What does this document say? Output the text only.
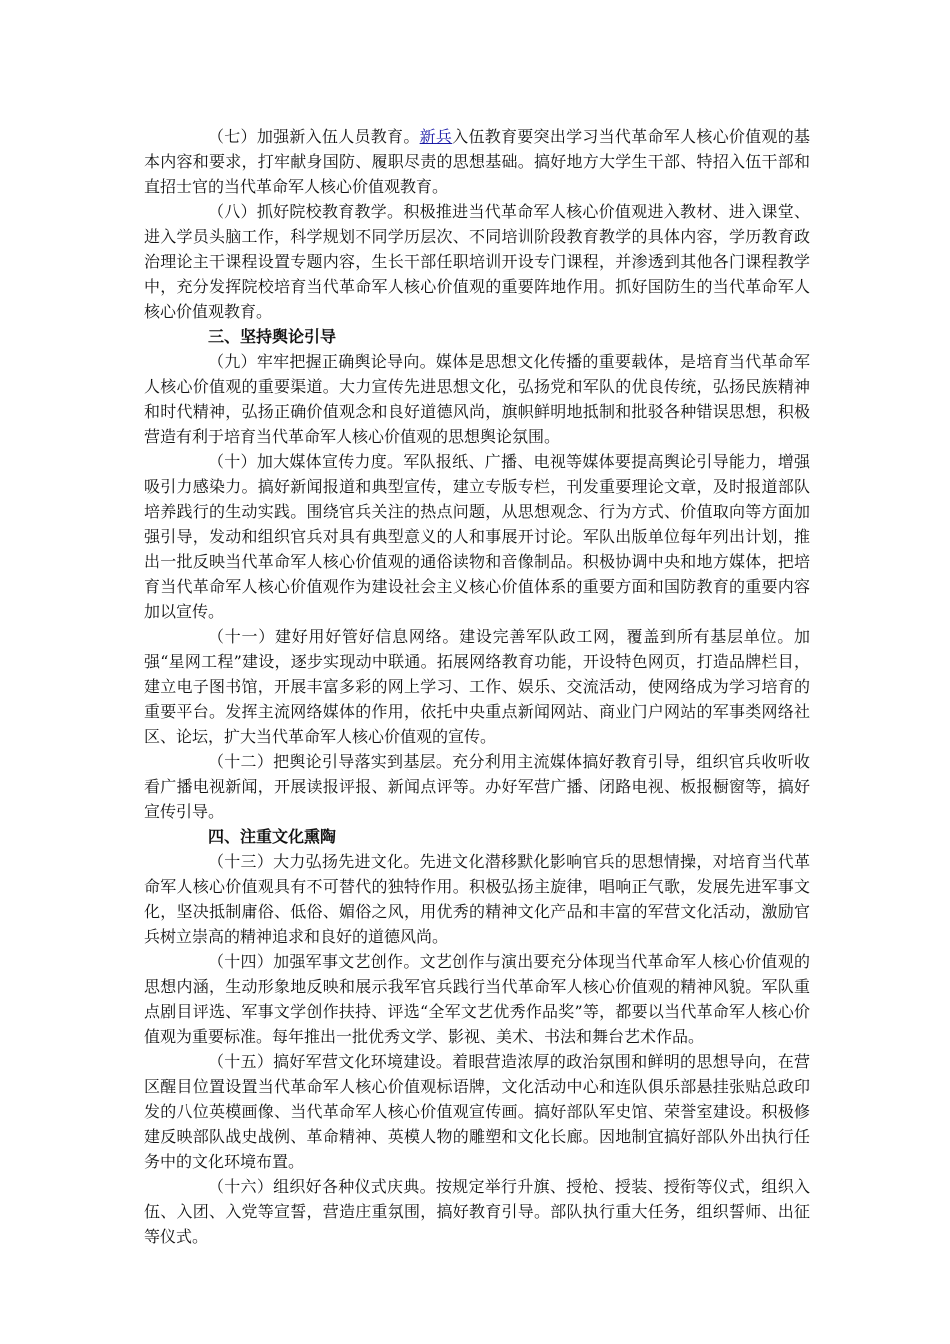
（七）加强新入伍人员教育。新兵入伍教育要突出学习当代革命军人核心价值观的基本内容和要求，打牢献身国防、履职尽责的思想基础。搞好地方大学生干部、特招入伍干部和直招士官的当代革命军人核心价值观教育。

（八）抓好院校教育教学。积极推进当代革命军人核心价值观进入教材、进入课堂、进入学员头脑工作，科学规划不同学历层次、不同培训阶段教育教学的具体内容，学历教育政治理论主干课程设置专题内容，生长干部任职培训开设专门课程，并渗透到其他各门课程教学中，充分发挥院校培育当代革命军人核心价值观的重要阵地作用。抓好国防生的当代革命军人核心价值观教育。

三、坚持舆论引导

（九）牢牢把握正确舆论导向。媒体是思想文化传播的重要载体，是培育当代革命军人核心价值观的重要渠道。大力宣传先进思想文化，弘扬党和军队的优良传统，弘扬民族精神和时代精神，弘扬正确价值观念和良好道德风尚，旗帜鲜明地抵制和批驳各种错误思想，积极营造有利于培育当代革命军人核心价值观的思想舆论氛围。

（十）加大媒体宣传力度。军队报纸、广播、电视等媒体要提高舆论引导能力，增强吸引力感染力。搞好新闻报道和典型宣传，建立专版专栏，刊发重要理论文章，及时报道部队培养践行的生动实践。围绕官兵关注的热点问题，从思想观念、行为方式、价值取向等方面加强引导，发动和组织官兵对具有典型意义的人和事展开讨论。军队出版单位每年列出计划，推出一批反映当代革命军人核心价值观的通俗读物和音像制品。积极协调中央和地方媒体，把培育当代革命军人核心价值观作为建设社会主义核心价值体系的重要方面和国防教育的重要内容加以宣传。

（十一）建好用好管好信息网络。建设完善军队政工网，覆盖到所有基层单位。加强“星网工程”建设，逐步实现动中联通。拓展网络教育功能，开设特色网页，打造品牌栏目，建立电子图书馆，开展丰富多彩的网上学习、工作、娱乐、交流活动，使网络成为学习培育的重要平台。发挥主流网络媒体的作用，依托中央重点新闻网站、商业门户网站的军事类网络社区、论坛，扩大当代革命军人核心价值观的宣传。

（十二）把舆论引导落实到基层。充分利用主流媒体搞好教育引导，组织官兵收听收看广播电视新闻，开展读报评报、新闻点评等。办好军营广播、闭路电视、板报橱窗等，搞好宣传引导。

四、注重文化熏陶

（十三）大力弘扬先进文化。先进文化潜移默化影响官兵的思想情操，对培育当代革命军人核心价值观具有不可替代的独特作用。积极弘扬主旋律，唱响正气歌，发展先进军事文化，坚决抵制庸俗、低俗、媚俗之风，用优秀的精神文化产品和丰富的军营文化活动，激励官兵树立崇高的精神追求和良好的道德风尚。

（十四）加强军事文艺创作。文艺创作与演出要充分体现当代革命军人核心价值观的思想内涵，生动形象地反映和展示我军官兵践行当代革命军人核心价值观的精神风貌。军队重点剧目评选、军事文学创作扶持、评选“全军文艺优秀作品奖”等，都要以当代革命军人核心价值观为重要标准。每年推出一批优秀文学、影视、美术、书法和舞台艺术作品。

（十五）搞好军营文化环境建设。着眼营造浓厚的政治氛围和鲜明的思想导向，在营区醒目位置设置当代革命军人核心价值观标语牌，文化活动中心和连队俱乐部悬挂张贴总政印发的八位英模画像、当代革命军人核心价值观宣传画。搞好部队军史馆、荣誉室建设。积极修建反映部队战史战例、革命精神、英模人物的雕塑和文化长廊。因地制宜搞好部队外出执行任务中的文化环境布置。

（十六）组织好各种仪式庆典。按规定举行升旗、授枪、授装、授衔等仪式，组织入伍、入团、入党等宣誓，营造庄重氛围，搞好教育引导。部队执行重大任务，组织誓师、出征等仪式。
